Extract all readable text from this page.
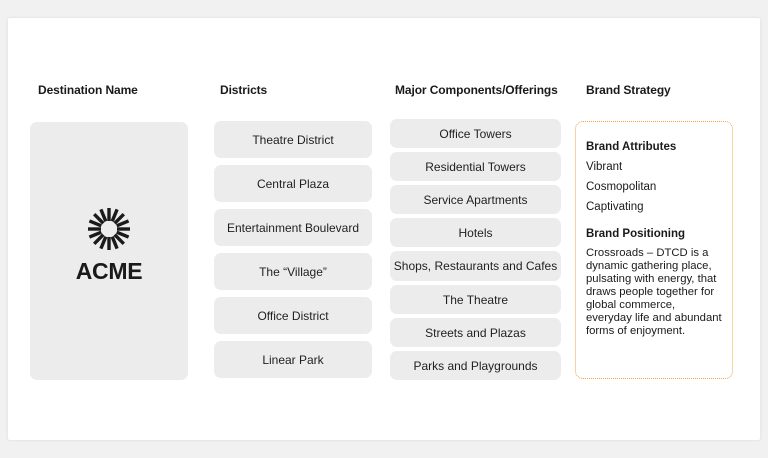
Destination Name	Districts	Major Components/Offerings Brand Strategy
ACME
Theatre District
Central Plaza
Entertainment Boulevard
The “Village”
Office District
Linear Park
Office Towers
Residential Towers
Service Apartments
Hotels
Shops, Restaurants and Cafes
The Theatre
Streets and Plazas
Parks and Playgrounds
Brand Attributes
Vibrant
Cosmopolitan
Captivating
Brand Positioning
Crossroads – DTCD is a dynamic gathering place, pulsating with energy, that draws people together for global commerce, everyday life and abundant forms of enjoyment.
